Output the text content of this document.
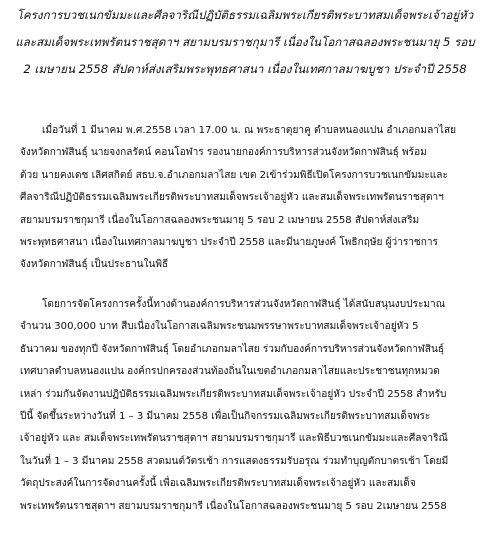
โครงการบวชเนกขัมมะและศีลจาริณีปฏิบัติธรรมเฉลิมพระเกียรติพระบาทสมเด็จพระเจ้าอยู่หัว
และสมเด็จพระเทพรัตนราชสุดาฯ สยามบรมราชกุมารี เนื่องในโอกาสฉลองพระชนมายุ 5 รอบ
2 เมษายน 2558 สัปดาห์ส่งเสริมพระพุทธศาสนา เนื่องในเทศกาลมาฆบูชา ประจำปี 2558

เมื่อวันที่ 1 มีนาคม พ.ศ.2558 เวลา 17.00 น. ณ พระธาตุยาคู ตำบลหนองแปน อำเภอกมลาไสย
จังหวัดกาฬสินธุ์ นายจงกลรัตน์ คอนโอฬาร รองนายกองค์การบริหารส่วนจังหวัดกาฬสินธุ์ พร้อม
ด้วย นายคงเดช เลิศสกิตย์ สธบ.จ.อำเภอกมลาไสย เขต 2เข้าร่วมพิธีเปิดโครงการบวชเนกขัมมะและ
ศีลจาริณีปฏิบัติธรรมเฉลิมพระเกียรติพระบาทสมเด็จพระเจ้าอยู่หัว และสมเด็จพระเทพรัตนราชสุดาฯ
สยามบรมราชกุมารี เนื่องในโอกาสฉลองพระชนมายุ 5 รอบ 2 เมษายน 2558 สัปดาห์ส่งเสริม
พระพุทธศาสนา เนื่องในเทศกาลมาฆบูชา ประจำปี 2558 และมีนายภูษงค์ โพธิกฤษัย ผู้ว่าราชการ
จังหวัดกาฬสินธุ์ เป็นประธานในพิธี

โดยการจัดโครงการครั้งนี้ทางด้านองค์การบริหารส่วนจังหวัดกาฬสินธุ์ ได้สนับสนุนงบประมาณ
จำนวน 300,000 บาท สืบเนื่องในโอกาสเฉลิมพระชนมพรรษาพระบาทสมเด็จพระเจ้าอยู่หัว 5
ธันวาคม ของทุกปี จังหวัดกาฬสินธุ์ โดยอำเภอกมลาไสย ร่วมกับองค์การบริหารส่วนจังหวัดกาฬสินธุ์
เทศบาลตำบลหนองแปน องค์กรปกครองส่วนท้องถิ่นในเขตอำเภอกมลาไสยและประชาชนทุกหมวด
เหล่า ร่วมกันจัดงานปฏิบัติธรรมเฉลิมพระเกียรติพระบาทสมเด็จพระเจ้าอยู่หัว ประจำปี 2558 สำหรับ
ปีนี้ จัดขึ้นระหว่างวันที่ 1 – 3 มีนาคม 2558 เพื่อเป็นกิจกรรมเฉลิมพระเกียรติพระบาทสมเด็จพระ
เจ้าอยู่หัว และ สมเด็จพระเทพรัตนราชสุดาฯ สยามบรมราชกุมารี และพิธีบวชเนกขัมมะและศีลจาริณี
ในวันที่ 1 – 3 มีนาคม 2558 สวดมนต์วัตรเช้า การแสดงธรรมรับอรุณ ร่วมทำบุญตักบาตรเช้า โดยมี
วัตถุประสงค์ในการจัดงานครั้งนี้ เพื่อเฉลิมพระเกียรติพระบาทสมเด็จพระเจ้าอยู่หัว และสมเด็จ
พระเทพรัตนราชสุดาฯ สยามบรมราชกุมารี เนื่องในโอกาสฉลองพระชนมายุ 5 รอบ 2เมษายน 2558
